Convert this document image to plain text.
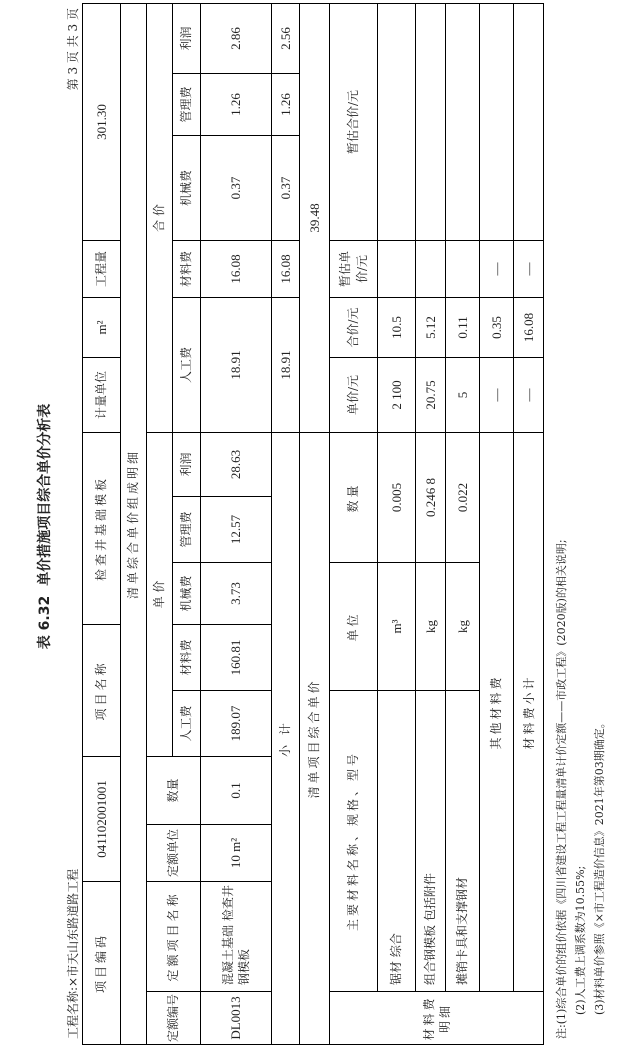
表 6.32单价措施项目综合单价分析表
工程名称:×市天山东路道路工程
第 3 页 共 3 页
项目编码
041102001001
项目名称
检查井基础模板
计量单位
m²
工程量
301.30
清单综合单价组成明细
定额编号
定额项目名称
定额单位
数量
单 价
合 价
人工费
材料费
机械费
管理费
利润
人工费
材料费
机械费
管理费
利润
DL0013
混凝土基础 检查井 钢模板
10 m²
0.1
189.07
160.81
3.73
12.57
28.63
18.91
16.08
0.37
1.26
2.86
小 计
18.91
16.08
0.37
1.26
2.56
清单项目综合单价
39.48
材料费明细
主要材料名称、规格、型号
单位
数量
单价/元
合价/元
暂估单价/元
暂估合价/元
锯材 综合
m³
0.005
2 100
10.5
组合钢模板 包括附件
kg
0.246 8
20.75
5.12
摊销卡具和支撑钢材
kg
0.022
5
0.11
其他材料费
—
0.35
—
材料费小计
—
16.08
—
注:(1)综合单价的组价依据《四川省建设工程工程量清单计价定额——市政工程》(2020版)的相关说明; (2)人工费上调系数为10.55%; (3)材料单价参照《×市工程造价信息》2021年第03期确定。
